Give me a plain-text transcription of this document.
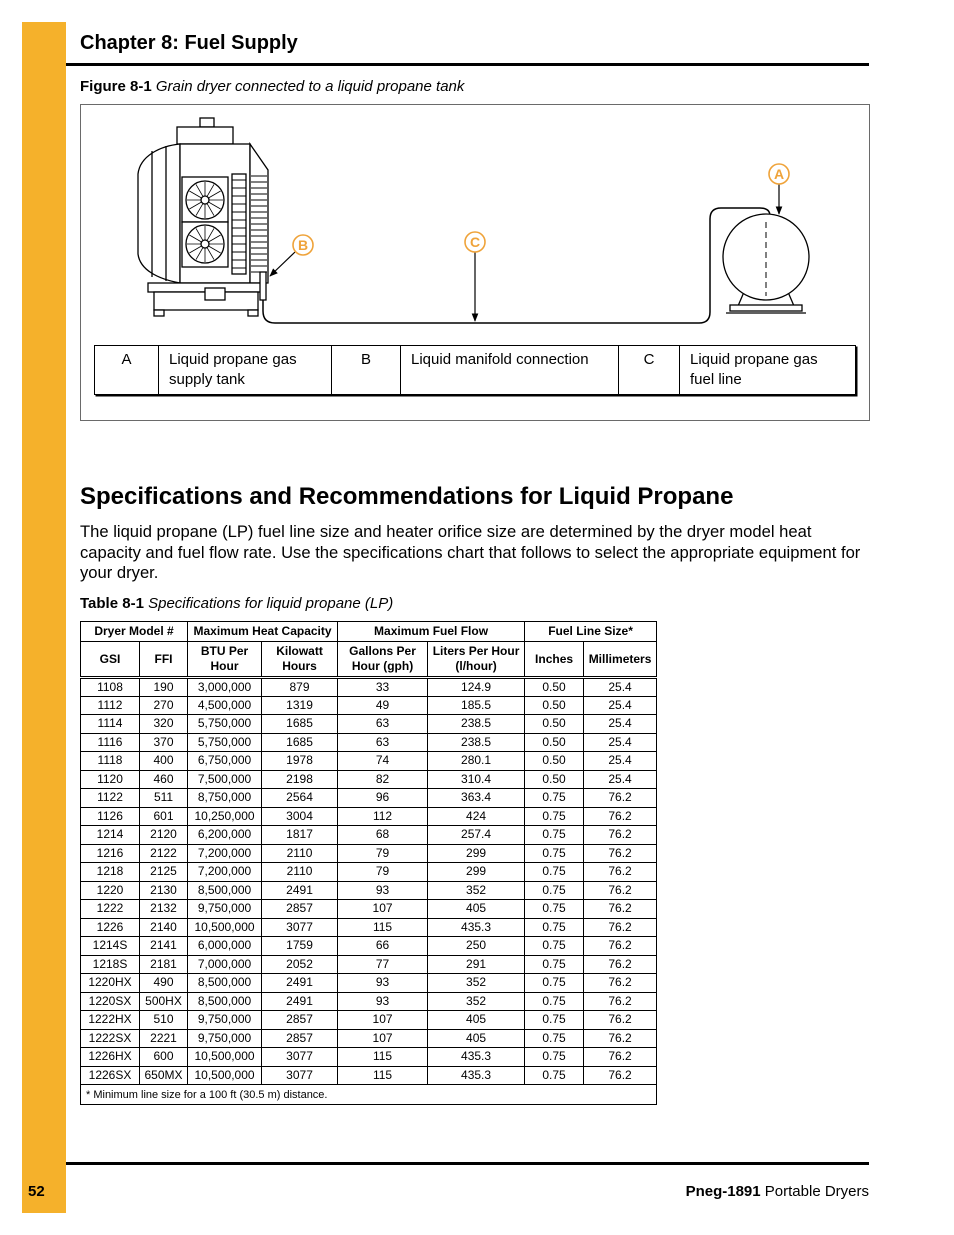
Chapter 8: Fuel Supply
Figure 8-1 Grain dryer connected to a liquid propane tank
A
B	C
A	Liquid propane gas supply tank	B	Liquid manifold connection	C	Liquid propane gas fuel line
Specifications and Recommendations for Liquid Propane
The liquid propane (LP) fuel line size and heater orifice size are determined by the dryer model heat capacity and fuel flow rate. Use the specifications chart that follows to select the appropriate equipment for your dryer.
Table 8-1 Specifications for liquid propane (LP)
Dryer Model #		Maximum Heat Capacity		Maximum Fuel Flow		Fuel Line Size*	
GSI	FFI	BTU Per Hour	Kilowatt Hours	Gallons Per Hour (gph)	Liters Per Hour (l/hour)	Inches	Millimeters
1108	190	3,000,000	879	33	124.9	0.50	25.4
1112	270	4,500,000	1319	49	185.5	0.50	25.4
1114	320	5,750,000	1685	63	238.5	0.50	25.4
1116	370	5,750,000	1685	63	238.5	0.50	25.4
1118	400	6,750,000	1978	74	280.1	0.50	25.4
1120	460	7,500,000	2198	82	310.4	0.50	25.4
1122	511	8,750,000	2564	96	363.4	0.75	76.2
1126	601	10,250,000	3004	112	424	0.75	76.2
1214	2120	6,200,000	1817	68	257.4	0.75	76.2
1216	2122	7,200,000	2110	79	299	0.75	76.2
1218	2125	7,200,000	2110	79	299	0.75	76.2
1220	2130	8,500,000	2491	93	352	0.75	76.2
1222	2132	9,750,000	2857	107	405	0.75	76.2
1226	2140	10,500,000	3077	115	435.3	0.75	76.2
1214S	2141	6,000,000	1759	66	250	0.75	76.2
1218S	2181	7,000,000	2052	77	291	0.75	76.2
1220HX	490	8,500,000	2491	93	352	0.75	76.2
1220SX	500HX	8,500,000	2491	93	352	0.75	76.2
1222HX	510	9,750,000	2857	107	405	0.75	76.2
1222SX	2221	9,750,000	2857	107	405	0.75	76.2
1226HX	600	10,500,000	3077	115	435.3	0.75	76.2
1226SX	650MX	10,500,000	3077	115	435.3	0.75	76.2
* Minimum line size for a 100 ft (30.5 m) distance.							
52	Pneg-1891 Portable Dryers
